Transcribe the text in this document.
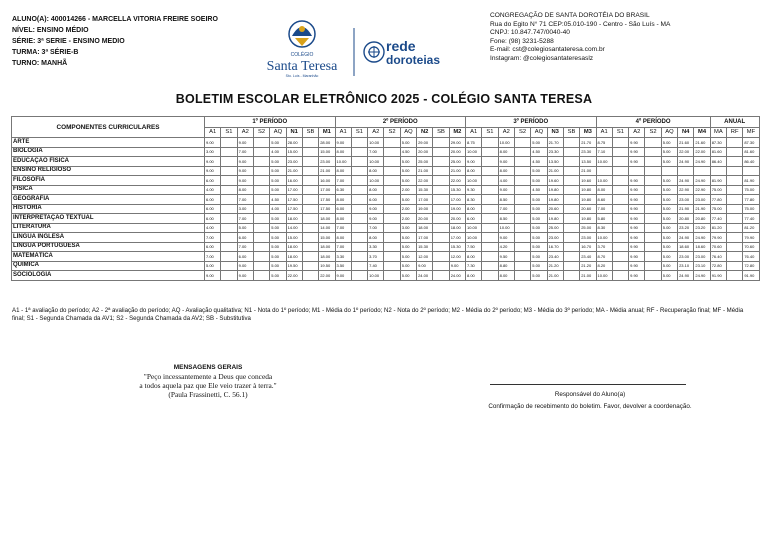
ALUNO(A): 400014266 - MARCELLA VITORIA FREIRE SOEIRO
NÍVEL: ENSINO MÉDIO
SÉRIE: 3ª SERIE - ENSINO MEDIO
TURMA: 3ª SÉRIE-B
TURNO: MANHÃ
COLÉGIO
Santa Teresa
Sto. Luís - Maranhão
rede
doroteias
CONGREGAÇÃO DE SANTA DOROTÉIA DO BRASIL
Rua do Egito N° 71 CEP:05.010-190 - Centro - São Luís - MA
CNPJ: 10.847.747/0040-40
Fone: (98) 3231-5288
E-mail: cst@colegiosantateresa.com.br
Instagram: @colegiosantateresaslz
BOLETIM ESCOLAR ELETRÔNICO 2025 - COLÉGIO SANTA TERESA
COMPONENTES CURRICULARES	1º PERÍODO								2º PERÍODO								3º PERÍODO								4º PERÍODO							ANUAL		
	A1	S1	A2	S2	AQ	N1	SB	M1	A1	S1	A2	S2	AQ	N2	SB	M2	A1	S1	A2	S2	AQ	N3	SB	M3	A1	S1	A2	S2	AQ	N4	M4	MA	RF	MF
ARTE	9.00		9.00		5.00	28.00		28.00	9.00		10.00		5.00	29.00		29.00	8.75		10.00		5.00	21.70		21.70	8.75		9.90		5.00	21.60	21.60	87.30		87.30
BIOLOGIA	3.00		7.00		4.00	15.00		15.00	8.00		7.00		4.50	20.00		20.00	10.00		8.00		4.50	23.30		23.30	7.10		9.90		5.00	22.00	22.00	81.60		81.60
EDUCAÇÃO FÍSICA	9.00		9.00		5.00	23.00		23.00	10.00		10.00		5.00	25.00		25.00	9.00		9.00		4.50	13.50		13.50	10.00		9.90		5.00	24.90	24.90	86.40		86.40
ENSINO RELIGIOSO	9.00		9.00		5.00	21.00		21.00	8.00		8.00		5.00	21.00		21.00	8.00		8.00		5.00	21.00		21.00										
FILOSOFIA	6.00		9.00		5.00	16.00		16.00	7.00		10.00		5.00	22.00		22.00	10.00		4.00		5.00	19.60		19.60	10.00		9.90		5.00	24.90	24.90	81.90		81.90
FÍSICA	4.00		8.00		5.00	17.00		17.00	6.30		8.00		2.00	15.30		15.30	9.30		9.00		4.50	19.80		19.80	8.00		9.90		5.00	22.90	22.90	75.00		75.00
GEOGRAFIA	6.00		7.00		4.50	17.50		17.50	8.00		6.00		5.00	17.00		17.00	8.30		8.50		5.00	19.80		19.80	8.60		9.90		5.00	23.00	23.00	77.80		77.80
HISTÓRIA	6.00		3.00		4.00	17.50		17.50	6.00		9.00		2.00	19.00		19.00	8.00		7.00		5.00	20.60		20.60	7.00		9.90		5.00	21.90	21.90	75.00		75.00
INTERPRETAÇÃO TEXTUAL	6.00		7.00		5.00	18.00		18.00	8.00		9.00		2.00	20.00		20.00	6.00		8.50		5.00	19.80		19.80	5.80		9.90		5.00	20.80	20.80	77.40		77.40
LITERATURA	4.00		5.00		5.00	14.00		14.00	7.00		7.00		3.00	18.00		18.00	10.00		10.00		5.00	25.00		25.00	8.30		9.90		5.00	23.20	23.20	81.20		81.20
LÍNGUA INGLESA	7.00		6.00		5.00	15.00		15.00	8.00		8.00		5.00	17.00		17.00	10.00		9.00		5.00	23.00		23.00	10.00		9.90		5.00	24.90	24.90	79.90		79.90
LÍNGUA PORTUGUESA	6.00		7.00		5.00	18.00		18.00	7.00		3.30		5.00	15.30		15.30	7.50		4.20		5.00	16.70		16.70	3.70		9.90		5.00	18.60	18.60	70.60		70.60
MATEMÁTICA	7.00		6.00		5.00	18.00		18.00	3.30		3.70		5.00	12.00		12.00	8.00		9.50		5.00	23.40		23.40	8.70		9.90		5.00	23.00	23.00	76.40		76.40
QUÍMICA	5.00		9.00		5.00	19.50		19.50	3.50		7.40		5.00	9.00		9.00	7.30		8.80		5.00	21.20		21.20	8.20		9.90		5.00	23.10	23.10	72.80		72.80
SOCIOLOGIA	9.00		9.00		5.00	22.00		22.00	9.00		10.00		5.00	24.00		24.00	8.00		8.00		5.00	21.00		21.00	10.00		9.90		5.00	24.90	24.90	91.90		91.90
A1 - 1ª avaliação do período; A2 - 2ª avaliação do período; AQ - Avaliação qualitativa; N1 - Nota do 1º período; M1 - Média do 1º período; N2 - Nota do 2º período; M2 - Média do 2º período; M3 - Média do 3º período; MA - Média anual; RF - Recuperação final; MF - Média final; S1 - Segunda Chamada da AV1; S2 - Segunda Chamada da AV2; SB - Substitutiva
MENSAGENS GERAIS
"Peço incessantemente a Deus que conceda
a todos aquela paz que Ele veio trazer à terra."
(Paula Frassinetti, C. 56.1)	Responsável do Aluno(a)
Confirmação de recebimento do boletim. Favor, devolver a coordenação.
